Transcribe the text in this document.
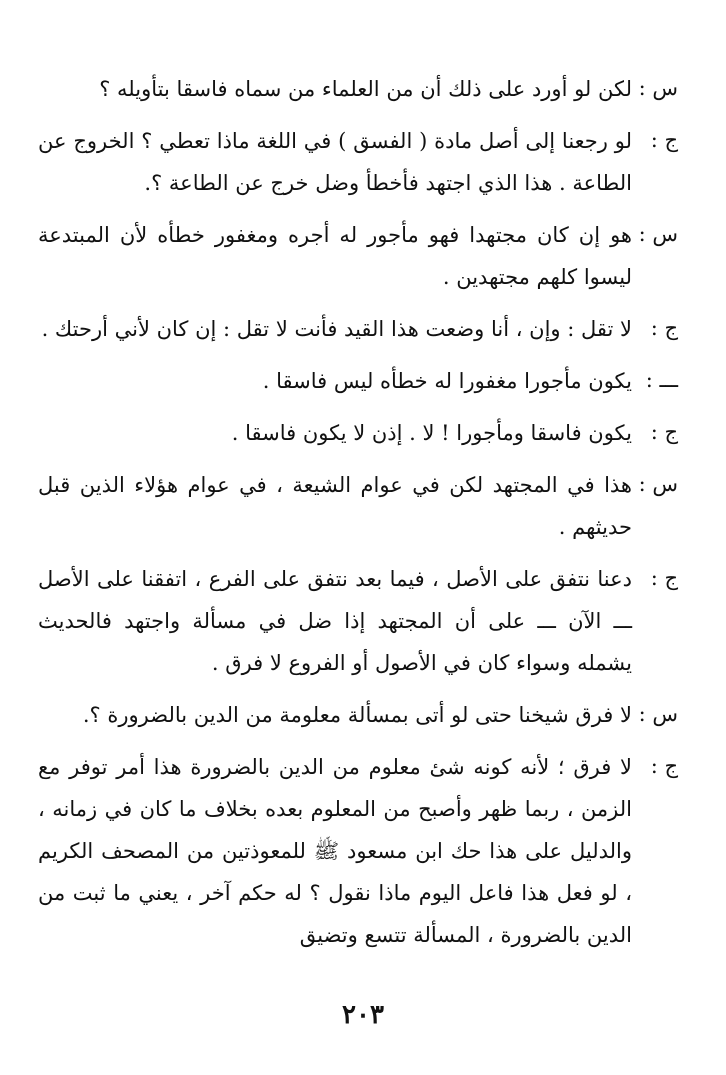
س :
لكن لو أورد على ذلك أن من العلماء من سماه فاسقا بتأويله ؟
ج :
لو رجعنا إلى أصل مادة ( الفسق ) في اللغة ماذا تعطي ؟ الخروج عن الطاعة . هذا الذي اجتهد فأخطأ وضل خرج عن الطاعة ؟.
س :
هو إن كان مجتهدا فهو مأجور له أجره ومغفور خطأه لأن المبتدعة ليسوا كلهم مجتهدين .
ج :
لا تقل : وإن ، أنا وضعت هذا القيد فأنت لا تقل : إن كان لأني أرحتك .
ـــ :
يكون مأجورا مغفورا له خطأه ليس فاسقا .
ج :
يكون فاسقا ومأجورا ! لا . إذن لا يكون فاسقا .
س :
هذا في المجتهد لكن في عوام الشيعة ، في عوام هؤلاء الذين قبل حديثهم .
ج :
دعنا نتفق على الأصل ، فيما بعد نتفق على الفرع ، اتفقنا على الأصل ـــ الآن ـــ على أن المجتهد إذا ضل في مسألة واجتهد فالحديث يشمله وسواء كان في الأصول أو الفروع لا فرق .
س :
لا فرق شيخنا حتى لو أتى بمسألة معلومة من الدين بالضرورة ؟.
ج :
لا فرق ؛ لأنه كونه شئ معلوم من الدين بالضرورة هذا أمر توفر مع الزمن ، ربما ظهر وأصبح من المعلوم بعده بخلاف ما كان في زمانه ، والدليل على هذا حك ابن مسعود ﷺ للمعوذتين من المصحف الكريم ، لو فعل هذا فاعل اليوم ماذا نقول ؟ له حكم آخر ، يعني ما ثبت من الدين بالضرورة ، المسألة تتسع وتضيق
٢٠٣
